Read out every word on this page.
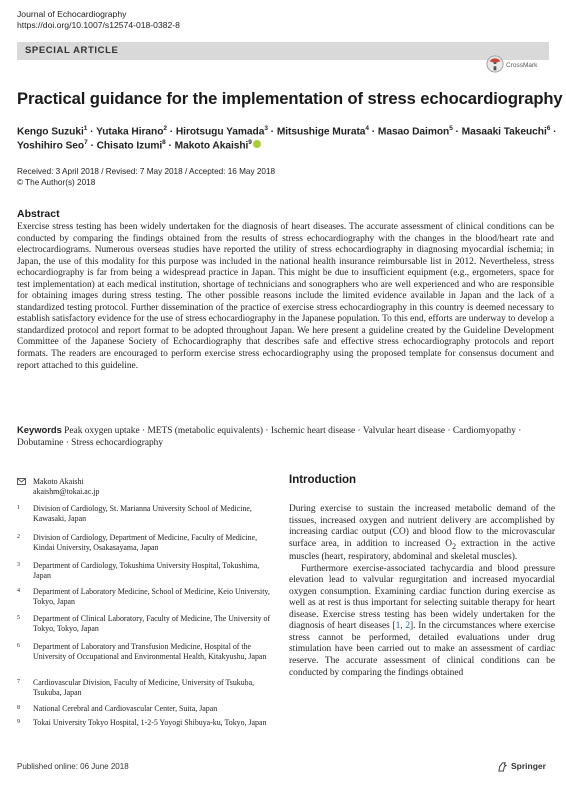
Journal of Echocardiography
https://doi.org/10.1007/s12574-018-0382-8
SPECIAL ARTICLE
CrossMark
Practical guidance for the implementation of stress echocardiography
Kengo Suzuki$^1$ · Yutaka Hirano$^2$ · Hirotsugu Yamada$^3$ · Mitsushige Murata$^4$ · Masao Daimon$^5$ · Masaaki Takeuchi$^6$ ·
Yoshihiro Seo$^7$ · Chisato Izumi$^8$ · Makoto Akaishi$^9$
Received: 3 April 2018 / Revised: 7 May 2018 / Accepted: 16 May 2018
© The Author(s) 2018
Abstract
Exercise stress testing has been widely undertaken for the diagnosis of heart diseases. The accurate assessment of clinical conditions can be conducted by comparing the findings obtained from the results of stress echocardiography with the changes in the blood/heart rate and electrocardiograms. Numerous overseas studies have reported the utility of stress echocardiography in diagnosing myocardial ischemia; in Japan, the use of this modality for this purpose was included in the national health insurance reimbursable list in 2012. Nevertheless, stress echocardiography is far from being a widespread practice in Japan. This might be due to insufficient equipment (e.g., ergometers, space for test implementation) at each medical institution, shortage of technicians and sonographers who are well experienced and who are responsible for obtaining images during stress testing. The other possible reasons include the limited evidence available in Japan and the lack of a standardized testing protocol. Further dissemination of the practice of exercise stress echocardiography in this country is deemed necessary to establish satisfactory evidence for the use of stress echocardiography in the Japanese population. To this end, efforts are underway to develop a standardized protocol and report format to be adopted throughout Japan. We here present a guideline created by the Guideline Development Committee of the Japanese Society of Echocardiography that describes safe and effective stress echocardiography protocols and report formats. The readers are encouraged to perform exercise stress echocardiography using the proposed template for consensus document and report attached to this guideline.
Keywords Peak oxygen uptake · METS (metabolic equivalents) · Ischemic heart disease · Valvular heart disease · Cardiomyopathy · Dobutamine · Stress echocardiography
Makoto Akaishi
akaishm@tokai.ac.jp
1 Division of Cardiology, St. Marianna University School of Medicine, Kawasaki, Japan
2 Division of Cardiology, Department of Medicine, Faculty of Medicine, Kindai University, Osakasayama, Japan
3 Department of Cardiology, Tokushima University Hospital, Tokushima, Japan
4 Department of Laboratory Medicine, School of Medicine, Keio University, Tokyo, Japan
5 Department of Clinical Laboratory, Faculty of Medicine, The University of Tokyo, Tokyo, Japan
6 Department of Laboratory and Transfusion Medicine, Hospital of the University of Occupational and Environmental Health, Kitakyushu, Japan
7 Cardiovascular Division, Faculty of Medicine, University of Tsukuba, Tsukuba, Japan
8 National Cerebral and Cardiovascular Center, Suita, Japan
9 Tokai University Tokyo Hospital, 1-2-5 Yoyogi Shibuya-ku, Tokyo, Japan
Introduction

During exercise to sustain the increased metabolic demand of the tissues, increased oxygen and nutrient delivery are accomplished by increasing cardiac output (CO) and blood flow to the microvascular surface area, in addition to increased $O_2$ extraction in the active muscles (heart, respiratory, abdominal and skeletal muscles).

Furthermore exercise-associated tachycardia and blood pressure elevation lead to valvular regurgitation and increased myocardial oxygen consumption. Examining cardiac function during exercise as well as at rest is thus important for selecting suitable therapy for heart disease. Exercise stress testing has been widely undertaken for the diagnosis of heart diseases [1, 2]. In the circumstances where exercise stress cannot be performed, detailed evaluations under drug stimulation have been carried out to make an assessment of cardiac reserve. The accurate assessment of clinical conditions can be conducted by comparing the findings obtained

Published online: 06 June 2018	Springer
